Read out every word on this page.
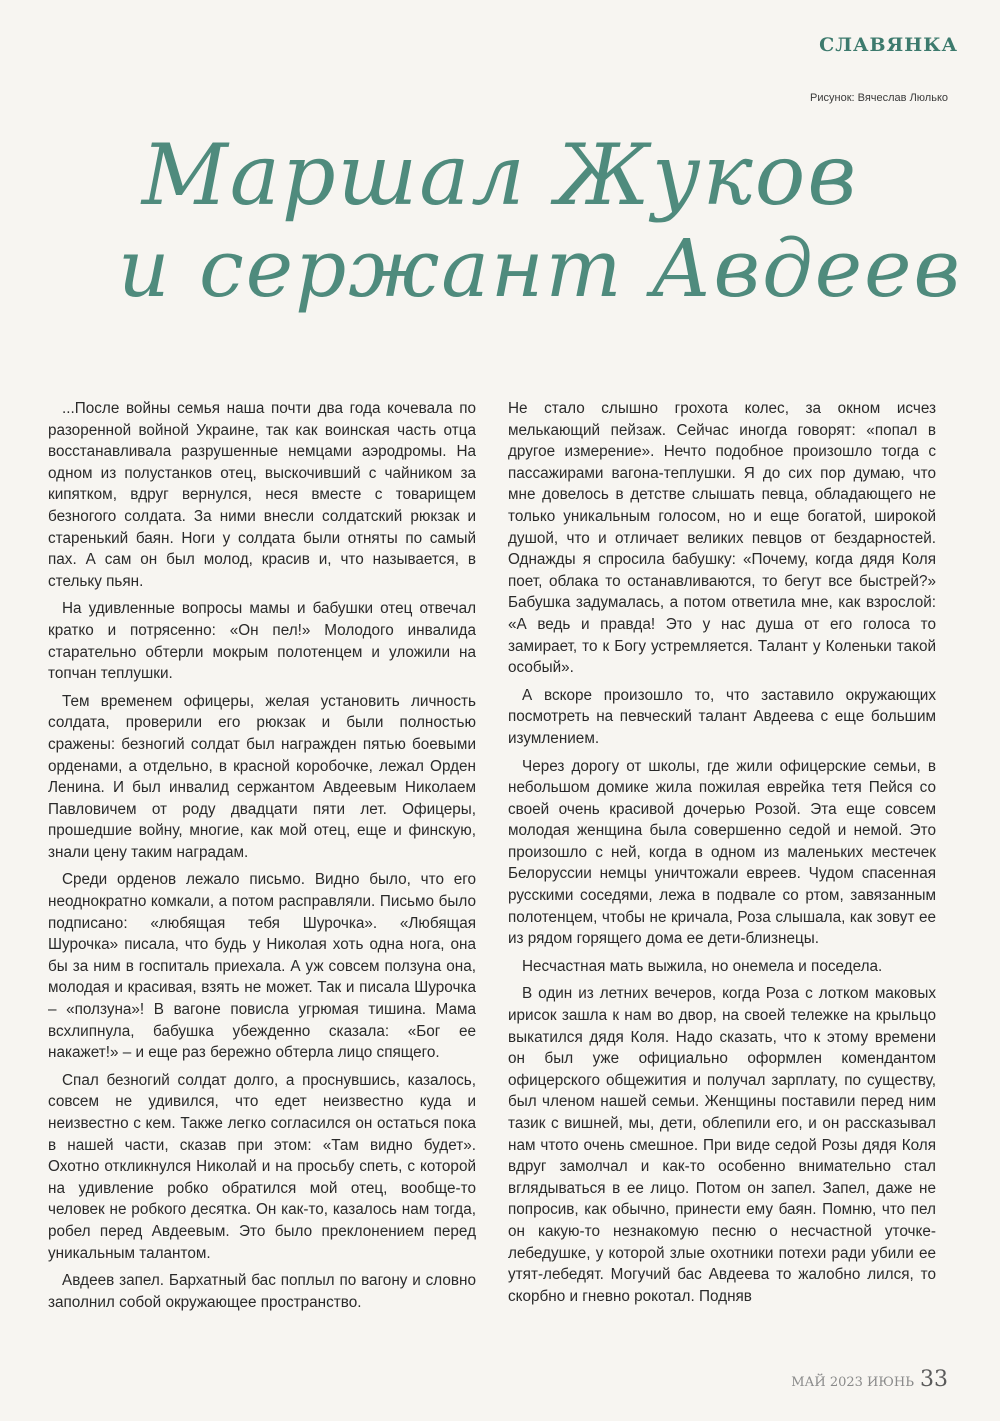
СЛАВЯНКА
Рисунок: Вячеслав Люлько
Маршал Жуков
и сержант Авдеев

...После войны семья наша почти два года кочевала по разоренной войной Украине, так как воинская часть отца восстанавливала разрушенные немцами аэродромы. На одном из полустанков отец, выскочивший с чайником за кипятком, вдруг вернулся, неся вместе с товарищем безногого солдата. За ними внесли солдатский рюкзак и старенький баян. Ноги у солдата были отняты по самый пах. А сам он был молод, красив и, что называется, в стельку пьян.

На удивленные вопросы мамы и бабушки отец отвечал кратко и потрясенно: «Он пел!» Молодого инвалида старательно обтерли мокрым полотенцем и уложили на топчан теплушки.

Тем временем офицеры, желая установить личность солдата, проверили его рюкзак и были полностью сражены: безногий солдат был награжден пятью боевыми орденами, а отдельно, в красной коробочке, лежал Орден Ленина. И был инвалид сержантом Авдеевым Николаем Павловичем от роду двадцати пяти лет. Офицеры, прошедшие войну, многие, как мой отец, еще и финскую, знали цену таким наградам.

Среди орденов лежало письмо. Видно было, что его неоднократно комкали, а потом расправляли. Письмо было подписано: «любящая тебя Шурочка». «Любящая Шурочка» писала, что будь у Николая хоть одна нога, она бы за ним в госпиталь приехала. А уж совсем ползуна она, молодая и красивая, взять не может. Так и писала Шурочка – «ползуна»! В вагоне повисла угрюмая тишина. Мама всхлипнула, бабушка убежденно сказала: «Бог ее накажет!» – и еще раз бережно обтерла лицо спящего.

Спал безногий солдат долго, а проснувшись, казалось, совсем не удивился, что едет неизвестно куда и неизвестно с кем. Также легко согласился он остаться пока в нашей части, сказав при этом: «Там видно будет». Охотно откликнулся Николай и на просьбу спеть, с которой на удивление робко обратился мой отец, вообще-то человек не робкого десятка. Он как-то, казалось нам тогда, робел перед Авдеевым. Это было преклонением перед уникальным талантом.

Авдеев запел. Бархатный бас поплыл по вагону и словно заполнил собой окружающее пространство.

Не стало слышно грохота колес, за окном исчез мелькающий пейзаж. Сейчас иногда говорят: «попал в другое измерение». Нечто подобное произошло тогда с пассажирами вагона-теплушки. Я до сих пор думаю, что мне довелось в детстве слышать певца, обладающего не только уникальным голосом, но и еще богатой, широкой душой, что и отличает великих певцов от бездарностей. Однажды я спросила бабушку: «Почему, когда дядя Коля поет, облака то останавливаются, то бегут все быстрей?» Бабушка задумалась, а потом ответила мне, как взрослой: «А ведь и правда! Это у нас душа от его голоса то замирает, то к Богу устремляется. Талант у Коленьки такой особый».

А вскоре произошло то, что заставило окружающих посмотреть на певческий талант Авдеева с еще большим изумлением.

Через дорогу от школы, где жили офицерские семьи, в небольшом домике жила пожилая еврейка тетя Пейся со своей очень красивой дочерью Розой. Эта еще совсем молодая женщина была совершенно седой и немой. Это произошло с ней, когда в одном из маленьких местечек Белоруссии немцы уничтожали евреев. Чудом спасенная русскими соседями, лежа в подвале со ртом, завязанным полотенцем, чтобы не кричала, Роза слышала, как зовут ее из рядом горящего дома ее дети-близнецы.

Несчастная мать выжила, но онемела и поседела.

В один из летних вечеров, когда Роза с лотком маковых ирисок зашла к нам во двор, на своей тележке на крыльцо выкатился дядя Коля. Надо сказать, что к этому времени он был уже официально оформлен комендантом офицерского общежития и получал зарплату, по существу, был членом нашей семьи. Женщины поставили перед ним тазик с вишней, мы, дети, облепили его, и он рассказывал нам чтото очень смешное. При виде седой Розы дядя Коля вдруг замолчал и как-то особенно внимательно стал вглядываться в ее лицо. Потом он запел. Запел, даже не попросив, как обычно, принести ему баян. Помню, что пел он какую-то незнакомую песню о несчастной уточке-лебедушке, у которой злые охотники потехи ради убили ее утят-лебедят. Могучий бас Авдеева то жалобно лился, то скорбно и гневно рокотал. Подняв

МАЙ 2023 ИЮНЬ 33
